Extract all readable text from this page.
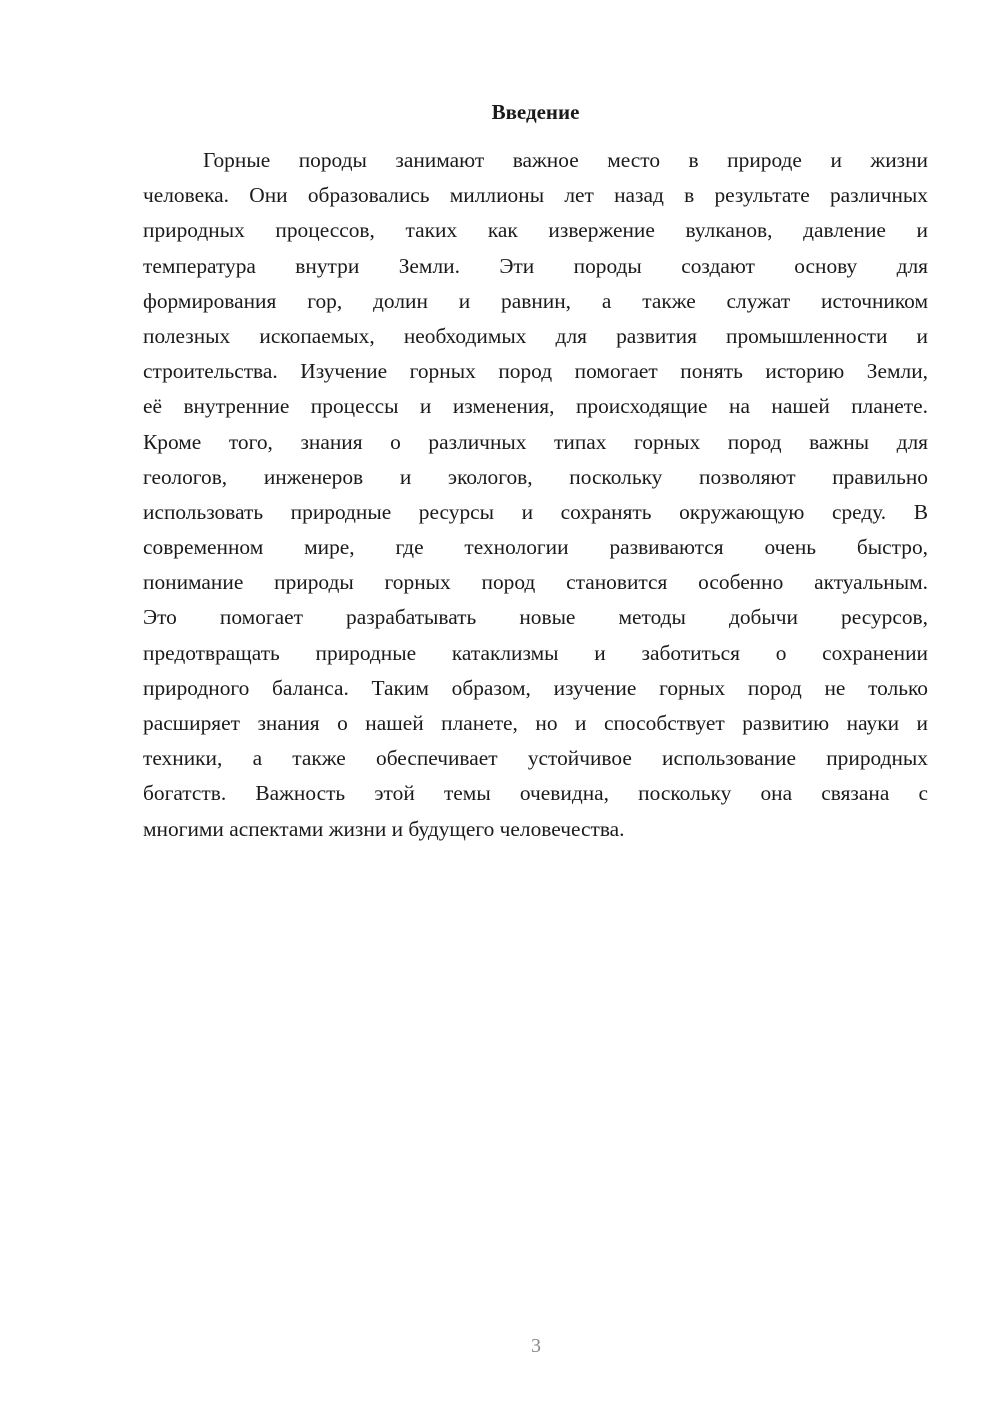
Введение
Горные породы занимают важное место в природе и жизни
человека. Они образовались миллионы лет назад в результате различных
природных процессов, таких как извержение вулканов, давление и
температура внутри Земли. Эти породы создают основу для
формирования гор, долин и равнин, а также служат источником
полезных ископаемых, необходимых для развития промышленности и
строительства. Изучение горных пород помогает понять историю Земли,
её внутренние процессы и изменения, происходящие на нашей планете.
Кроме того, знания о различных типах горных пород важны для
геологов, инженеров и экологов, поскольку позволяют правильно
использовать природные ресурсы и сохранять окружающую среду. В
современном мире, где технологии развиваются очень быстро,
понимание природы горных пород становится особенно актуальным.
Это помогает разрабатывать новые методы добычи ресурсов,
предотвращать природные катаклизмы и заботиться о сохранении
природного баланса. Таким образом, изучение горных пород не только
расширяет знания о нашей планете, но и способствует развитию науки и
техники, а также обеспечивает устойчивое использование природных
богатств. Важность этой темы очевидна, поскольку она связана с
многими аспектами жизни и будущего человечества.
3
